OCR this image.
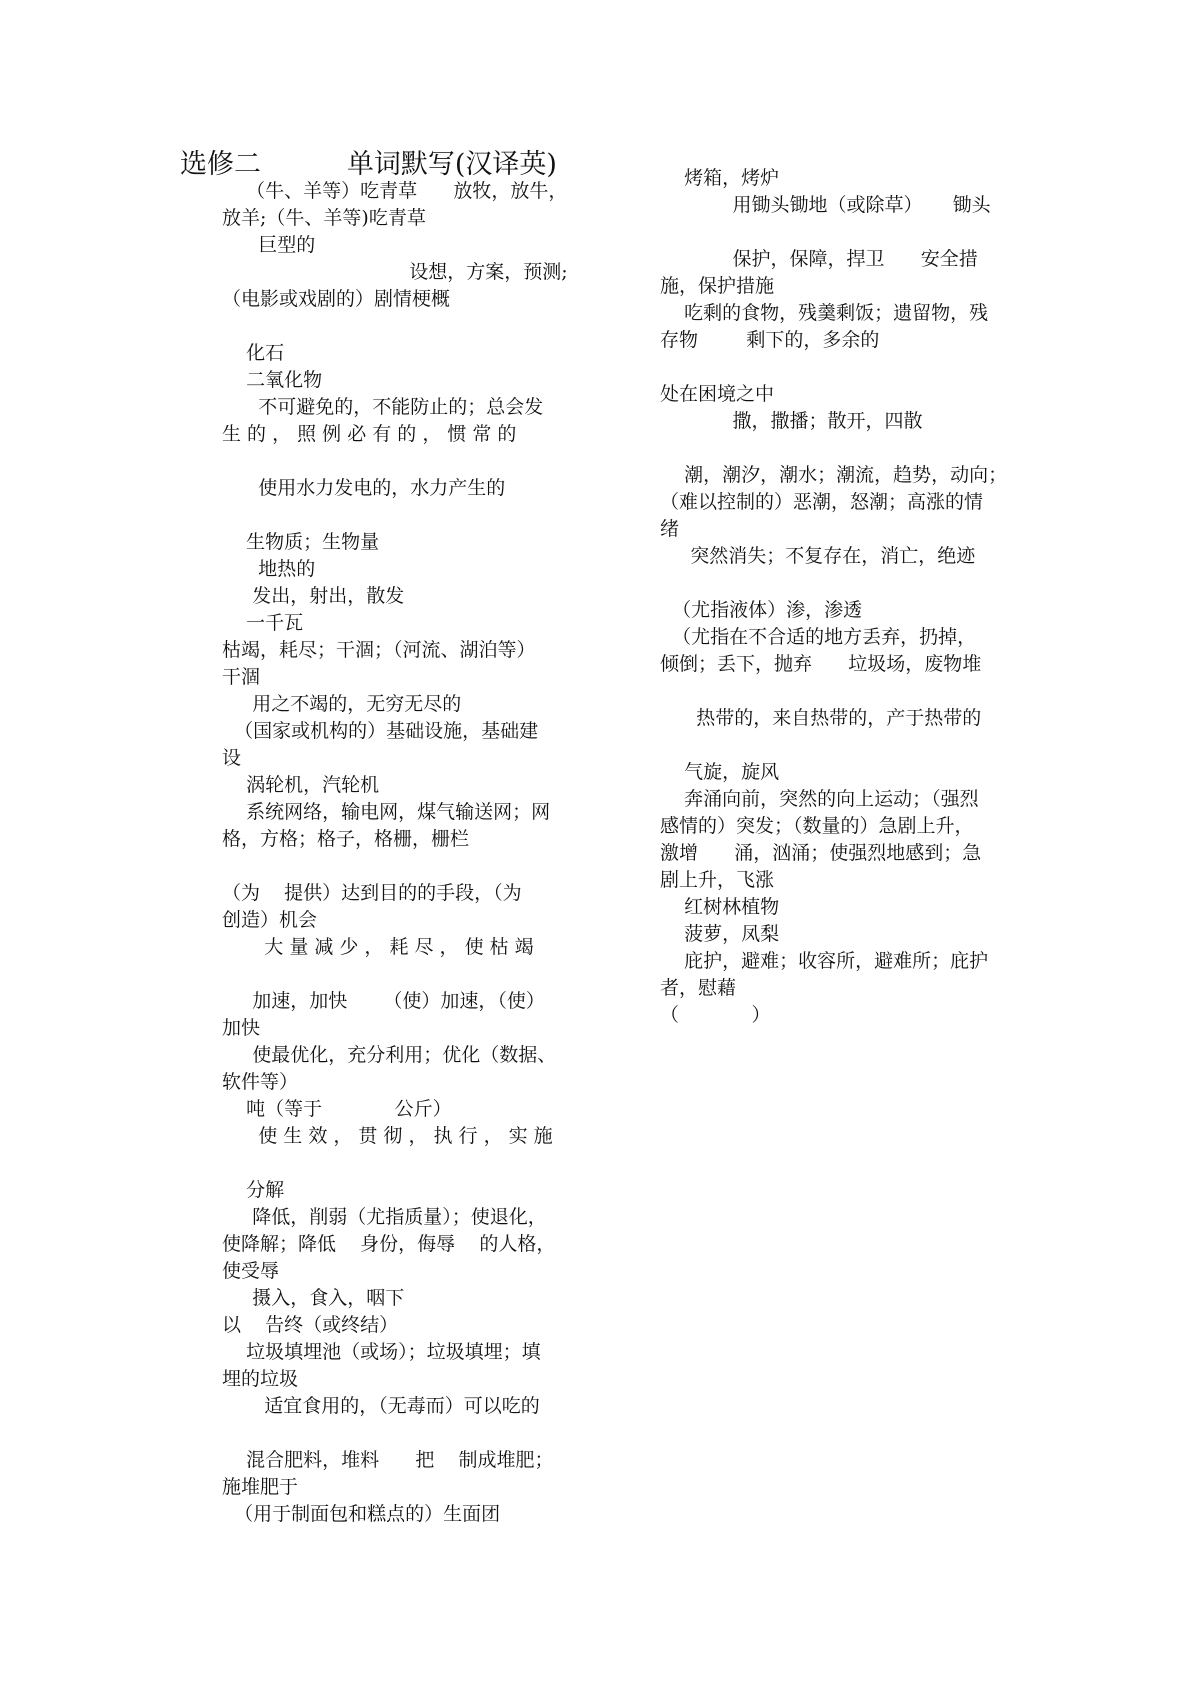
选修二          单词默写(汉译英)
（牛、羊等）吃青草      放牧，放牛，
放羊;（牛、羊等)吃青草
巨型的
设想，方案，预测;
（电影或戏剧的）剧情梗概
化石
二氧化物
不可避免的，不能防止的；总会发
生 的 ， 照 例 必 有 的 ， 惯 常 的
使用水力发电的，水力产生的
生物质；生物量
地热的
发出，射出，散发
一千瓦
枯竭，耗尽；干涸；（河流、湖泊等）
干涸
用之不竭的，无穷无尽的
（国家或机构的）基础设施，基础建
设
涡轮机，汽轮机
系统网络，输电网，煤气输送网；网
格，方格；格子，格栅，栅栏
（为    提供）达到目的的手段，（为
创造）机会
大 量 减 少 ， 耗 尽 ， 使 枯 竭
加速，加快      （使）加速，（使）
加快
使最优化，充分利用；优化（数据、
软件等）
吨（等于            公斤）
使 生 效 ， 贯 彻 ， 执 行 ， 实 施
分解
降低，削弱（尤指质量）；使退化，
使降解；降低    身份，侮辱    的人格，
使受辱
摄入，食入，咽下
以    告终（或终结）
垃圾填埋池（或场）；垃圾填埋；填
埋的垃圾
适宜食用的，（无毒而）可以吃的
混合肥料，堆料      把    制成堆肥；
施堆肥于
（用于制面包和糕点的）生面团
烤箱，烤炉
用锄头锄地（或除草）     锄头
保护，保障，捍卫      安全措
施，保护措施
吃剩的食物，残羹剩饭；遗留物，残
存物        剩下的，多余的
处在困境之中
撒，撒播；散开，四散
潮，潮汐，潮水；潮流，趋势，动向；
（难以控制的）恶潮，怒潮；高涨的情
绪
突然消失；不复存在，消亡，绝迹
（尤指液体）渗，渗透
（尤指在不合适的地方丢弃，扔掉，
倾倒；丢下，抛弃      垃圾场，废物堆
热带的，来自热带的，产于热带的
气旋，旋风
奔涌向前，突然的向上运动；（强烈
感情的）突发；（数量的）急剧上升，
激增      涌，汹涌；使强烈地感到；急
剧上升，飞涨
红树林植物
菠萝，凤梨
庇护，避难；收容所，避难所；庇护
者，慰藉
（            ）
